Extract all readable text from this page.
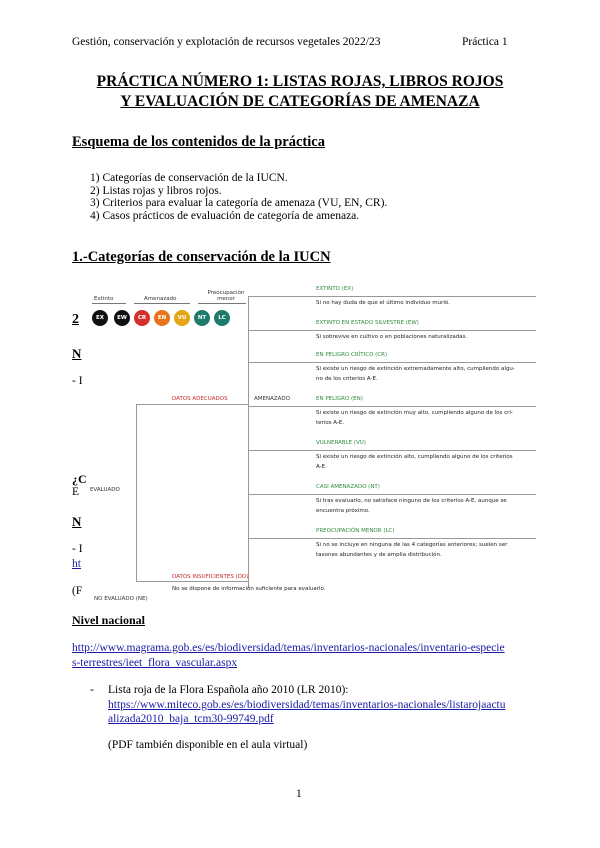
Gestión, conservación y explotación de recursos vegetales 2022/23	Práctica 1
PRÁCTICA NÚMERO 1: LISTAS ROJAS, LIBROS ROJOS
Y EVALUACIÓN DE CATEGORÍAS DE AMENAZA
Esquema de los contenidos de la práctica
1) Categorías de conservación de la IUCN.
2) Listas rojas y libros rojos.
3) Criterios para evaluar la categoría de amenaza (VU, EN, CR).
4) Casos prácticos de evaluación de categoría de amenaza.
1.-Categorías de conservación de la IUCN
2
N
- I
¿C
E
N
- I
ht
(F
Extinto	Amenazado
Preocupación menor
EX	EW	CR	EN	VU	NT	LC
DATOS ADECUADOS	AMENAZADO
EVALUADO
NO EVALUADO (NE)
DATOS INSUFICIENTES (DD)
No se dispone de información suficiente para evaluarlo.
EXTINTO (EX)
Si no hay duda de que el último individuo murió.
EXTINTO EN ESTADO SILVESTRE (EW)
Si sobrevive en cultivo o en poblaciones naturalizadas.
EN PELIGRO CRÍTICO (CR)
Si existe un riesgo de extinción extremadamente alto, cumpliendo algu-
no de los criterios A-E.
EN PELIGRO (EN)
Si existe un riesgo de extinción muy alto, cumpliendo alguno de los cri-
terios A-E.
VULNERABLE (VU)
Si existe un riesgo de extinción alto, cumpliendo alguno de los criterios
A-E.
CASI AMENAZADO (NT)
Si tras evaluarlo, no satisface ninguno de los criterios A-E, aunque se
encuentra próximo.
PREOCUPACIÓN MENOR (LC)
Si no se incluye en ninguna de las 4 categorías anteriores; suelen ser
taxones abundantes y de amplia distribución.
Nivel nacional
http://www.magrama.gob.es/es/biodiversidad/temas/inventarios-nacionales/inventario-especie
s-terrestres/ieet_flora_vascular.aspx
- Lista roja de la Flora Española año 2010 (LR 2010):
https://www.miteco.gob.es/es/biodiversidad/temas/inventarios-nacionales/listarojaactu
alizada2010_baja_tcm30-99749.pdf
(PDF también disponible en el aula virtual)
1
